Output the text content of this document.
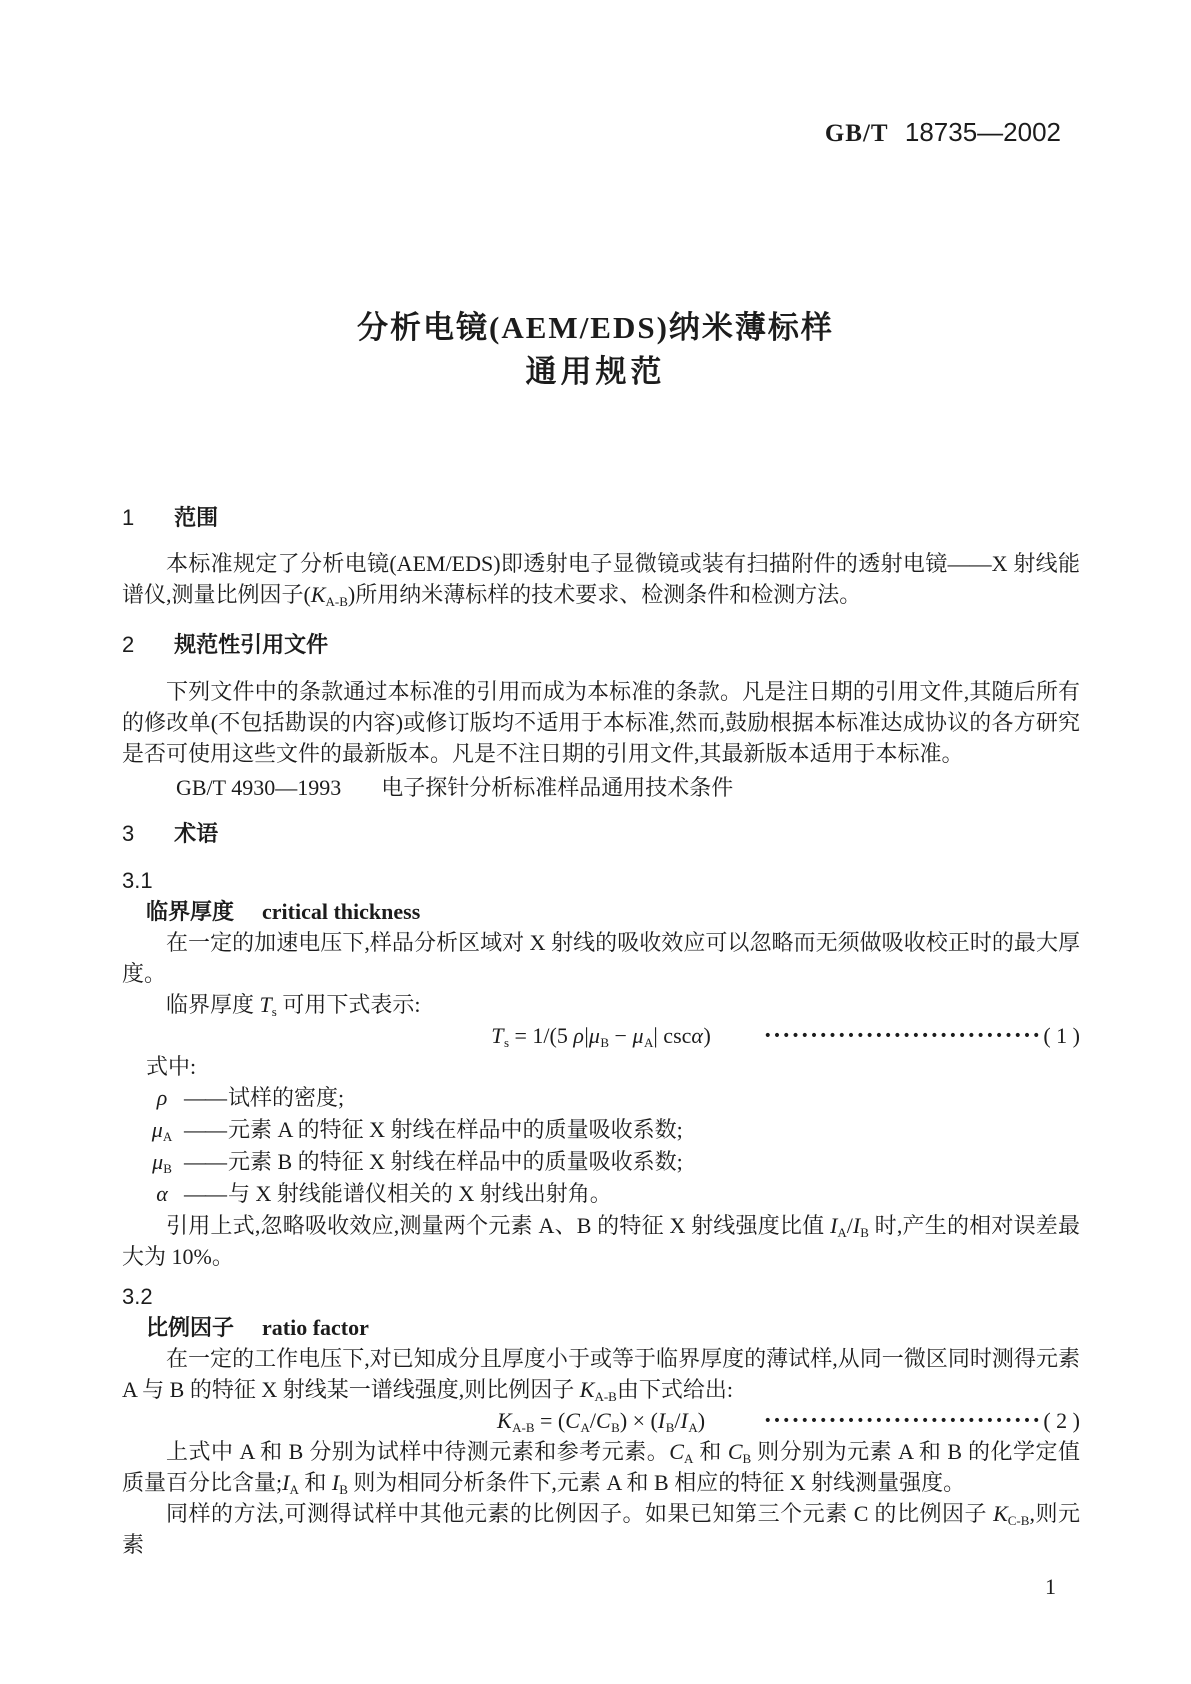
GB/T 18735—2002
分析电镜(AEM/EDS)纳米薄标样
通用规范
1 范围

本标准规定了分析电镜(AEM/EDS)即透射电子显微镜或装有扫描附件的透射电镜——X 射线能谱仪,测量比例因子$(K_{A-B})$所用纳米薄标样的技术要求、检测条件和检测方法。

2 规范性引用文件

下列文件中的条款通过本标准的引用而成为本标准的条款。凡是注日期的引用文件,其随后所有的修改单(不包括勘误的内容)或修订版均不适用于本标准,然而,鼓励根据本标准达成协议的各方研究是否可使用这些文件的最新版本。凡是不注日期的引用文件,其最新版本适用于本标准。

GB/T 4930—1993 电子探针分析标准样品通用技术条件

3 术语
3.1

临界厚度 critical thickness

在一定的加速电压下,样品分析区域对 X 射线的吸收效应可以忽略而无须做吸收校正时的最大厚度。

临界厚度 $T_s$ 可用下式表示:

$T_s = 1/(5$ $\rho|\mu_B - \mu_A|$ cscα)	••••••••••••••••••••••••••••••( 1 )

式中:

ρ —— 试样的密度;
$\mu_A$ —— 元素 A 的特征 X 射线在样品中的质量吸收系数;
$\mu_B$ —— 元素 B 的特征 X 射线在样品中的质量吸收系数;
α —— 与 X 射线能谱仪相关的 X 射线出射角。

引用上式,忽略吸收效应,测量两个元素 A、B 的特征 X 射线强度比值 $I_A/I_B$ 时,产生的相对误差最大为 10%。

3.2

比例因子 ratio factor

在一定的工作电压下,对已知成分且厚度小于或等于临界厚度的薄试样,从同一微区同时测得元素 A 与 B 的特征 X 射线某一谱线强度,则比例因子 $K_{A-B}$由下式给出:

$K_{A-B} = (C_A/C_B) \times (I_B/I_A)$	••••••••••••••••••••••••••••••( 2 )

上式中 A 和 B 分别为试样中待测元素和参考元素。$C_A$ 和 $C_B$ 则分别为元素 A 和 B 的化学定值质量百分比含量$;I_A$ 和 $I_B$ 则为相同分析条件下,元素 A 和 B 相应的特征 X 射线测量强度。

同样的方法,可测得试样中其他元素的比例因子。如果已知第三个元素 C 的比例因子 $K_{C-B}$,则元素

1
